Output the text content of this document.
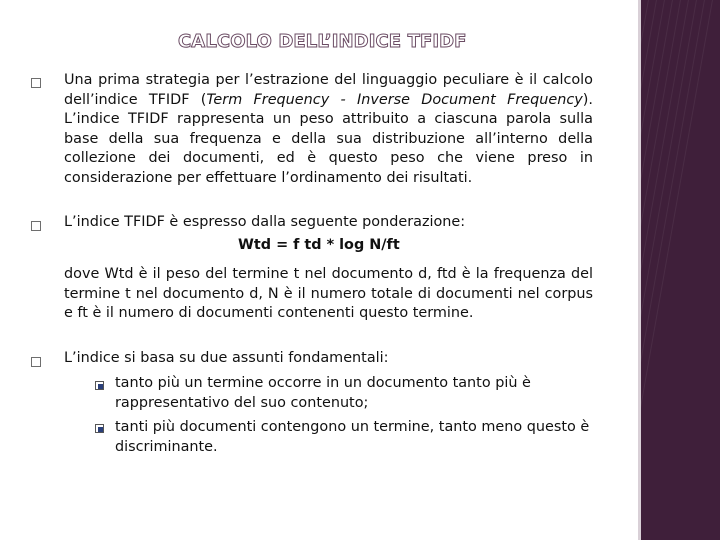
CALCOLO DELL’INDICE TFIDF

Una prima strategia per l’estrazione del linguaggio peculiare è il calcolo dell’indice TFIDF (Term Frequency - Inverse Document Frequency). L’indice TFIDF rappresenta un peso attribuito a ciascuna parola sulla base della sua frequenza e della sua distribuzione all’interno della collezione dei documenti, ed è questo peso che viene preso in considerazione per effettuare l’ordinamento dei risultati.

L’indice TFIDF è espresso dalla seguente ponderazione:

Wtd = f td * log N/ft

dove Wtd è il peso del termine t nel documento d, ftd è la frequenza del termine t nel documento d, N è il numero totale di documenti nel corpus e ft è il numero di documenti contenenti questo termine.

L’indice si basa su due assunti fondamentali:

tanto più un termine occorre in un documento tanto più è rappresentativo del suo contenuto;

tanti più documenti contengono un termine, tanto meno questo è discriminante.
